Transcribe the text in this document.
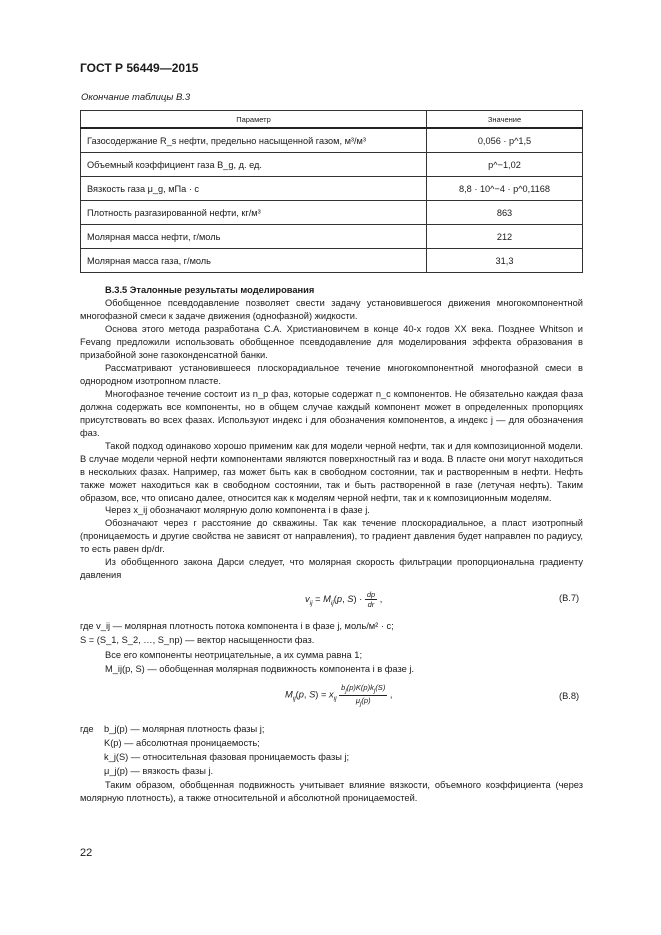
ГОСТ Р 56449—2015
Окончание таблицы В.3
Параметр	Значение
Газосодержание R_s нефти, предельно насыщенной газом, м³/м³	0,056 · p^1,5
Объемный коэффициент газа B_g, д. ед.	p^−1,02
Вязкость газа μ_g, мПа · с	8,8 · 10^−4 · p^0,1168
Плотность разгазированной нефти, кг/м³	863
Молярная масса нефти, г/моль	212
Молярная масса газа, г/моль	31,3
В.3.5 Эталонные результаты моделирования
Обобщенное псевдодавление позволяет свести задачу установившегося движения многокомпонентной многофазной смеси к задаче движения (однофазной) жидкости.
Основа этого метода разработана С.А. Христиановичем в конце 40-х годов XX века. Позднее Whitson и Fevang предложили использовать обобщенное псевдодавление для моделирования эффекта образования в призабойной зоне газоконденсатной банки.
Рассматривают установившееся плоскорадиальное течение многокомпонентной многофазной смеси в однородном изотропном пласте.
Многофазное течение состоит из n_p фаз, которые содержат n_c компонентов. Не обязательно каждая фаза должна содержать все компоненты, но в общем случае каждый компонент может в определенных пропорциях присутствовать во всех фазах. Используют индекс i для обозначения компонентов, а индекс j — для обозначения фаз.
Такой подход одинаково хорошо применим как для модели черной нефти, так и для композиционной модели. В случае модели черной нефти компонентами являются поверхностный газ и вода. В пласте они могут находиться в нескольких фазах. Например, газ может быть как в свободном состоянии, так и растворенным в нефти. Нефть также может находиться как в свободном состоянии, так и быть растворенной в газе (летучая нефть). Таким образом, все, что описано далее, относится как к моделям черной нефти, так и к композиционным моделям.
Через x_ij обозначают молярную долю компонента i в фазе j.
Обозначают через r расстояние до скважины. Так как течение плоскорадиальное, а пласт изотропный (проницаемость и другие свойства не зависят от направления), то градиент давления будет направлен по радиусу, то есть равен dp/dr.
Из обобщенного закона Дарси следует, что молярная скорость фильтрации пропорциональна градиенту давления
$v_{ij} = M_{ij}(p$, $S) \cdot \frac{dp}{dr}$ ,	(В.7)
где v_ij — молярная плотность потока компонента i в фазе j, моль/м² · с;
S = (S_1, S_2, …, S_np) — вектор насыщенности фаз.
Все его компоненты неотрицательные, а их сумма равна 1;
M_ij(p, S) — обобщенная молярная подвижность компонента i в фазе j.
$M_{ij}(p$, $S) = x_{ij} \frac{b_j(p)K(p)k_j(S)}{\mu_j(p)}$ ,	(В.8)
где	b_j(p) — молярная плотность фазы j;
K(p) — абсолютная проницаемость;
k_j(S) — относительная фазовая проницаемость фазы j;
μ_j(p) — вязкость фазы j.
Таким образом, обобщенная подвижность учитывает влияние вязкости, объемного коэффициента (через молярную плотность), а также относительной и абсолютной проницаемостей.
22
